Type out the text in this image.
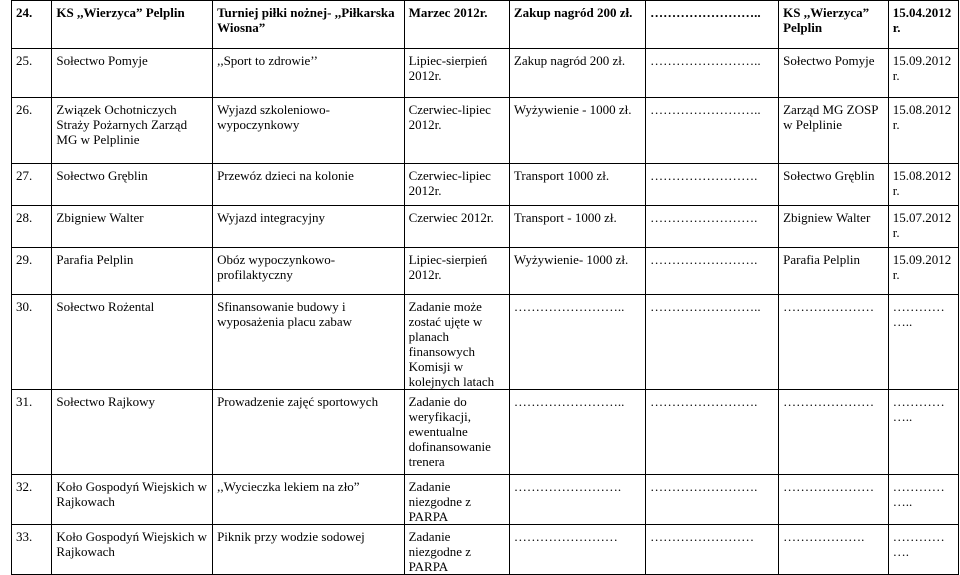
24.	KS ,,Wierzyca” Pelplin	Turniej piłki nożnej- ,,Piłkarska Wiosna”	Marzec 2012r.	Zakup nagród 200 zł.	……………………..	KS ,,Wierzyca” Pelplin	15.04.2012r.
25.	Sołectwo Pomyje	,,Sport to zdrowie’’	Lipiec-sierpień 2012r.	Zakup nagród 200 zł.	……………………..	Sołectwo Pomyje	15.09.2012r.
26.	Związek Ochotniczych Straży Pożarnych Zarząd MG w Pelplinie	Wyjazd szkoleniowo-wypoczynkowy	Czerwiec-lipiec 2012r.	Wyżywienie - 1000 zł.	……………………..	Zarząd MG ZOSP w Pelplinie	15.08.2012r.
27.	Sołectwo Gręblin	Przewóz dzieci na kolonie	Czerwiec-lipiec 2012r.	Transport 1000 zł.	…………………….	Sołectwo Gręblin	15.08.2012r.
28.	Zbigniew Walter	Wyjazd integracyjny	Czerwiec 2012r.	Transport - 1000 zł.	…………………….	Zbigniew Walter	15.07.2012r.
29.	Parafia Pelplin	Obóz wypoczynkowo-profilaktyczny	Lipiec-sierpień 2012r.	Wyżywienie- 1000 zł.	…………………….	Parafia Pelplin	15.09.2012r.
30.	Sołectwo Rożental	Sfinansowanie budowy i wyposażenia placu zabaw	Zadanie może zostać ujęte w planach finansowych Komisji w kolejnych latach	……………………..	……………………..	…………………	……………..
31.	Sołectwo Rajkowy	Prowadzenie zajęć sportowych	Zadanie do weryfikacji, ewentualne dofinansowanie trenera	……………………..	…………………….	…………………	……………..
32.	Koło Gospodyń Wiejskich w Rajkowach	,,Wycieczka lekiem na zło”	Zadanie niezgodne z PARPA	…………………….	…………………….	…………………	……………..
33.	Koło Gospodyń Wiejskich w Rajkowach	Piknik przy wodzie sodowej	Zadanie niezgodne z PARPA	……………………	……………………	……………….	…………….
